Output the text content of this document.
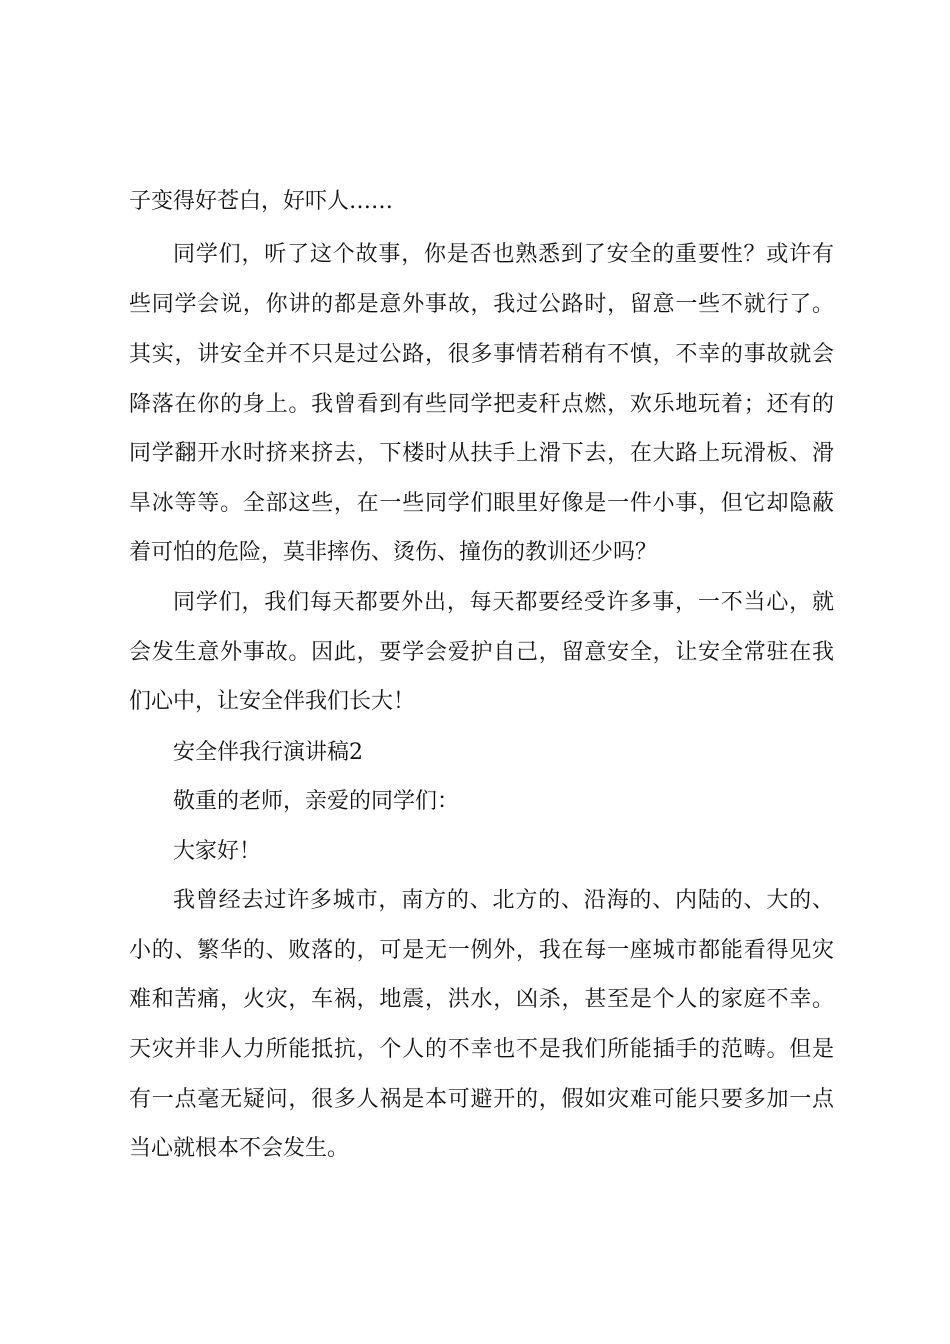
子变得好苍白，好吓人……
同学们，听了这个故事，你是否也熟悉到了安全的重要性？或许有
些同学会说，你讲的都是意外事故，我过公路时，留意一些不就行了。
其实，讲安全并不只是过公路，很多事情若稍有不慎，不幸的事故就会
降落在你的身上。我曾看到有些同学把麦秆点燃，欢乐地玩着；还有的
同学翻开水时挤来挤去，下楼时从扶手上滑下去，在大路上玩滑板、滑
旱冰等等。全部这些，在一些同学们眼里好像是一件小事，但它却隐蔽
着可怕的危险，莫非摔伤、烫伤、撞伤的教训还少吗？
同学们，我们每天都要外出，每天都要经受许多事，一不当心，就
会发生意外事故。因此，要学会爱护自己，留意安全，让安全常驻在我
们心中，让安全伴我们长大！
安全伴我行演讲稿2
敬重的老师，亲爱的同学们：
大家好！
我曾经去过许多城市，南方的、北方的、沿海的、内陆的、大的、
小的、繁华的、败落的，可是无一例外，我在每一座城市都能看得见灾
难和苦痛，火灾，车祸，地震，洪水，凶杀，甚至是个人的家庭不幸。
天灾并非人力所能抵抗，个人的不幸也不是我们所能插手的范畴。但是
有一点毫无疑问，很多人祸是本可避开的，假如灾难可能只要多加一点
当心就根本不会发生。
